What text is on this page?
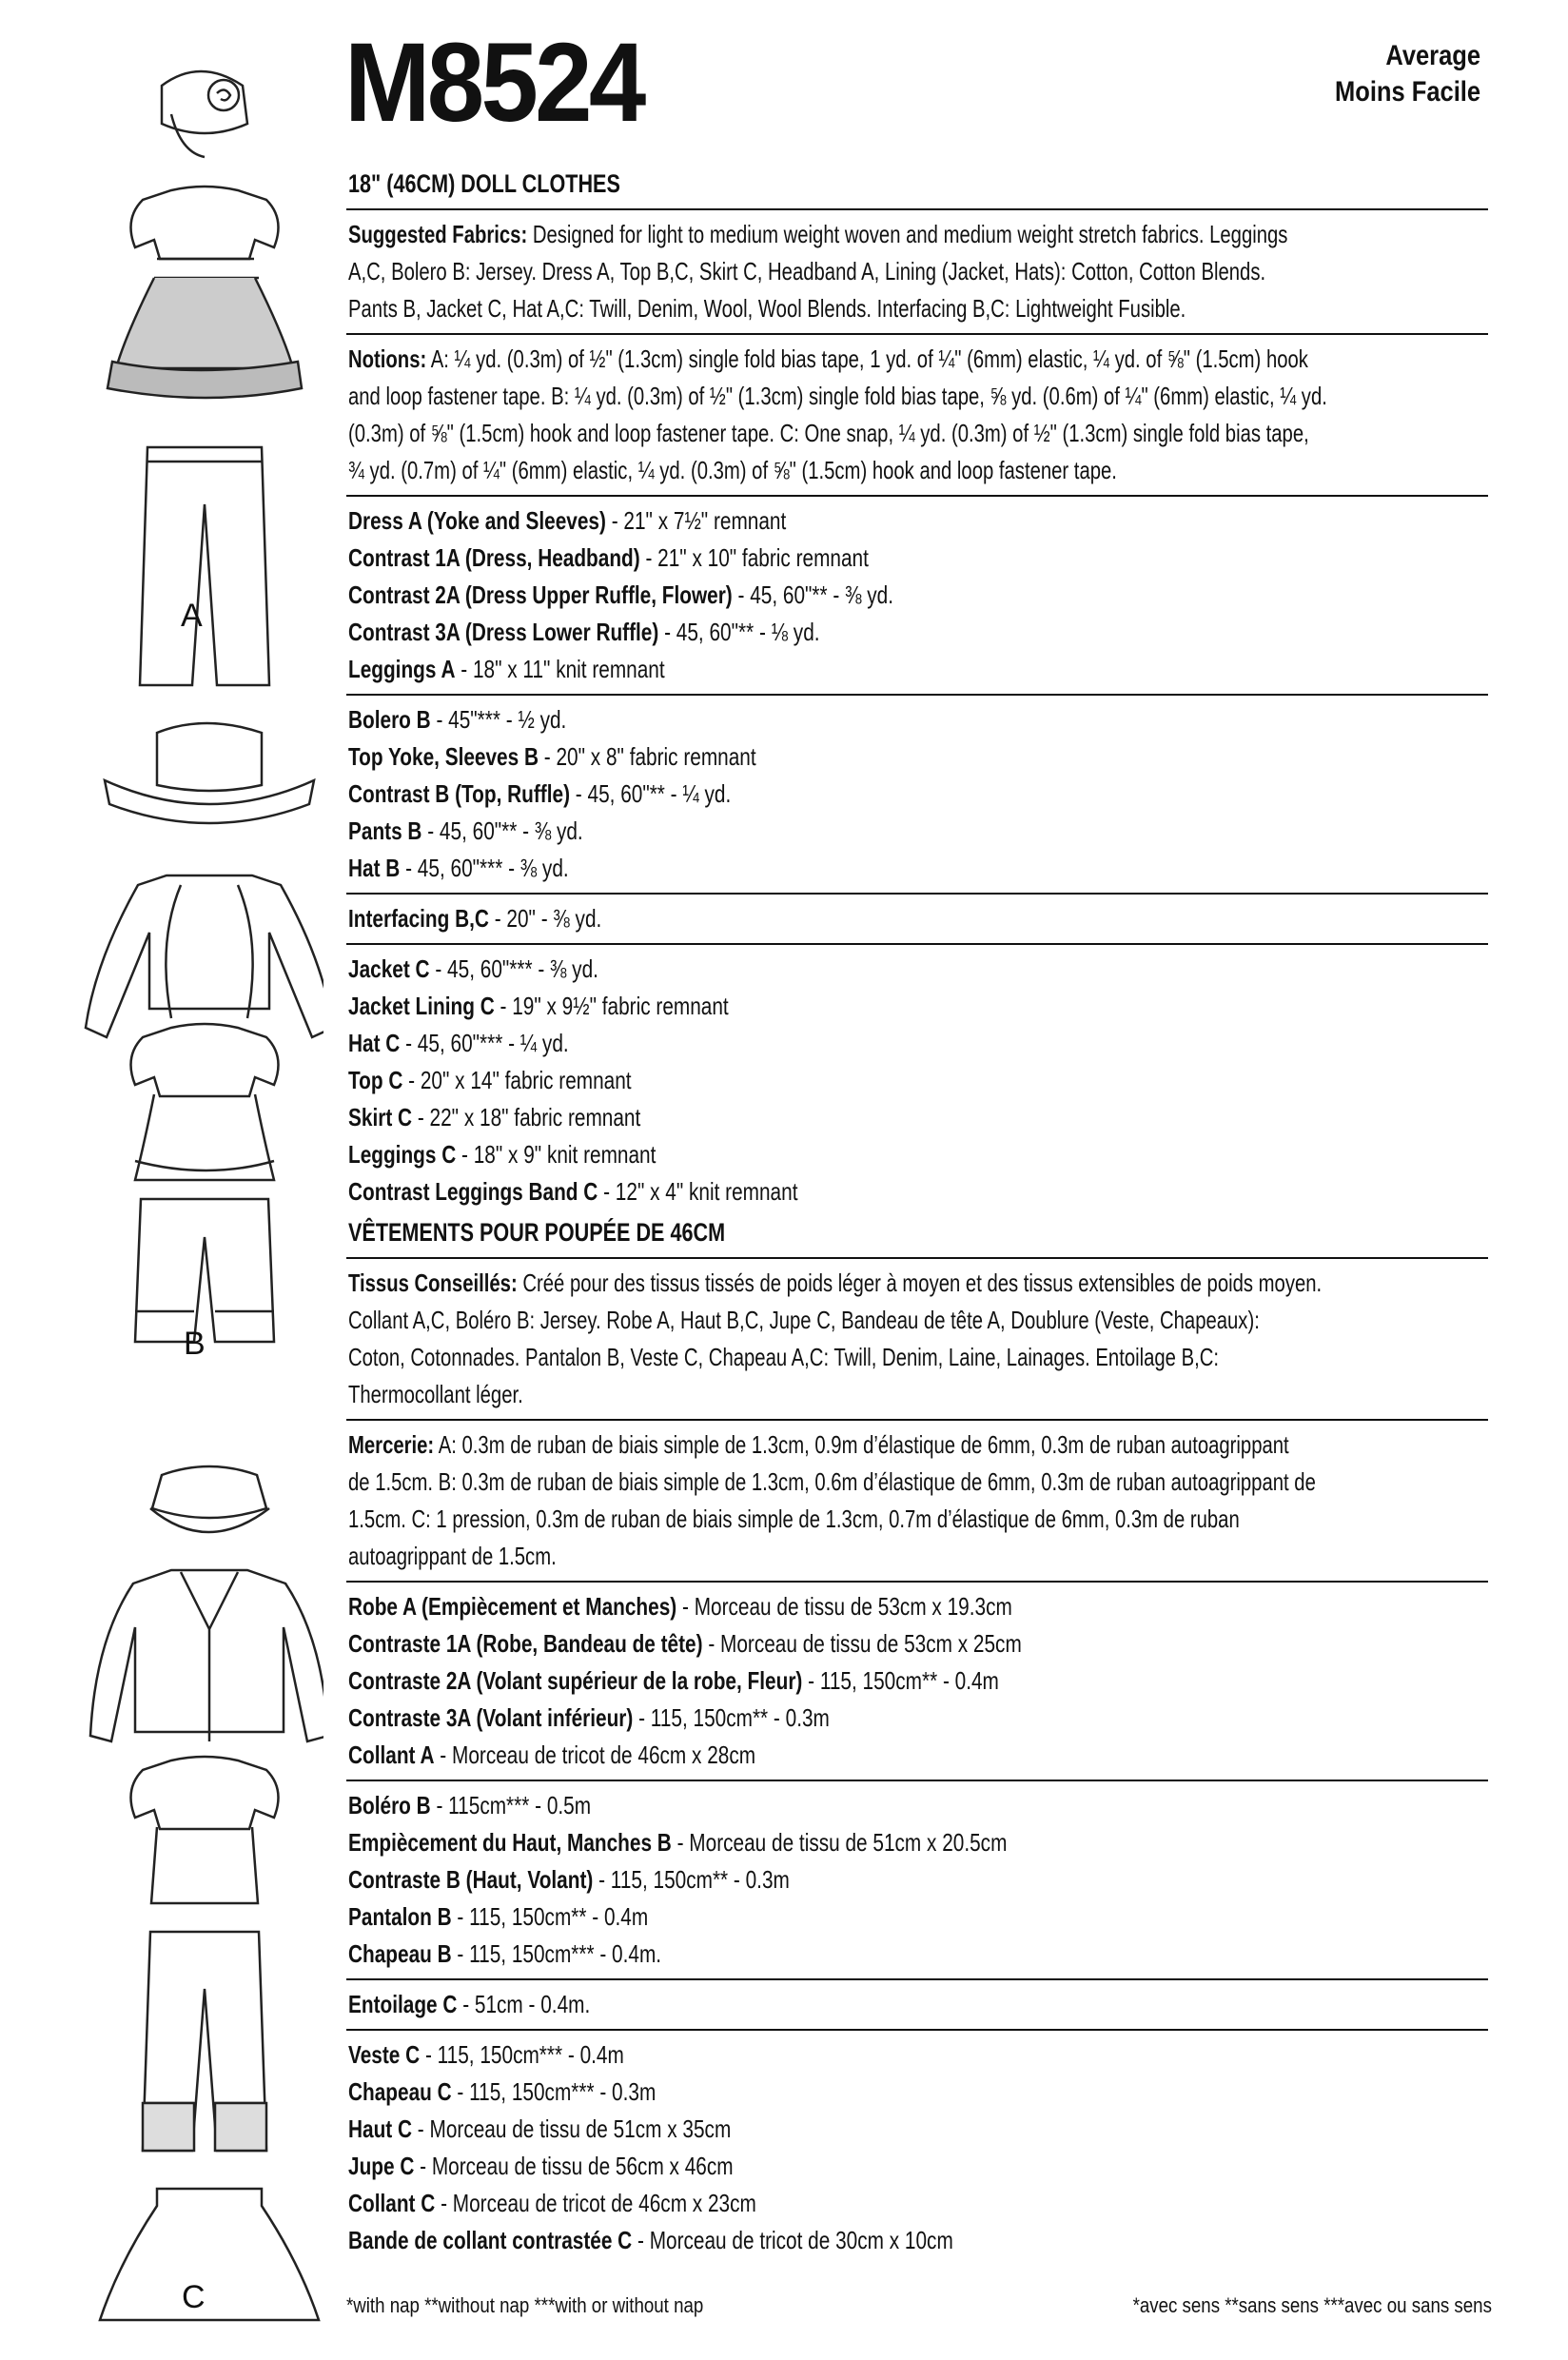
M8524	Average
Moins Facile
A
B
C
18" (46CM) DOLL CLOTHES
Suggested Fabrics: Designed for light to medium weight woven and medium weight stretch fabrics. Leggings
A,C, Bolero B: Jersey. Dress A, Top B,C, Skirt C, Headband A, Lining (Jacket, Hats): Cotton, Cotton Blends.
Pants B, Jacket C, Hat A,C: Twill, Denim, Wool, Wool Blends. Interfacing B,C: Lightweight Fusible.
Notions: A: ¼ yd. (0.3m) of ½" (1.3cm) single fold bias tape, 1 yd. of ¼" (6mm) elastic, ¼ yd. of ⅝" (1.5cm) hook
and loop fastener tape. B: ¼ yd. (0.3m) of ½" (1.3cm) single fold bias tape, ⅝ yd. (0.6m) of ¼" (6mm) elastic, ¼ yd.
(0.3m) of ⅝" (1.5cm) hook and loop fastener tape. C: One snap, ¼ yd. (0.3m) of ½" (1.3cm) single fold bias tape,
¾ yd. (0.7m) of ¼" (6mm) elastic, ¼ yd. (0.3m) of ⅝" (1.5cm) hook and loop fastener tape.
Dress A (Yoke and Sleeves) - 21" x 7½" remnant
Contrast 1A (Dress, Headband) - 21" x 10" fabric remnant
Contrast 2A (Dress Upper Ruffle, Flower) - 45, 60"** - ⅜ yd.
Contrast 3A (Dress Lower Ruffle) - 45, 60"** - ⅛ yd.
Leggings A - 18" x 11" knit remnant
Bolero B - 45"*** - ½ yd.
Top Yoke, Sleeves B - 20" x 8" fabric remnant
Contrast B (Top, Ruffle) - 45, 60"** - ¼ yd.
Pants B - 45, 60"** - ⅜ yd.
Hat B - 45, 60"*** - ⅜ yd.
Interfacing B,C - 20" - ⅜ yd.
Jacket C - 45, 60"*** - ⅜ yd.
Jacket Lining C - 19" x 9½" fabric remnant
Hat C - 45, 60"*** - ¼ yd.
Top C - 20" x 14" fabric remnant
Skirt C - 22" x 18" fabric remnant
Leggings C - 18" x 9" knit remnant
Contrast Leggings Band C - 12" x 4" knit remnant
VÊTEMENTS POUR POUPÉE DE 46CM
Tissus Conseillés: Créé pour des tissus tissés de poids léger à moyen et des tissus extensibles de poids moyen.
Collant A,C, Boléro B: Jersey. Robe A, Haut B,C, Jupe C, Bandeau de tête A, Doublure (Veste, Chapeaux):
Coton, Cotonnades. Pantalon B, Veste C, Chapeau A,C: Twill, Denim, Laine, Lainages. Entoilage B,C:
Thermocollant léger.
Mercerie: A: 0.3m de ruban de biais simple de 1.3cm, 0.9m d’élastique de 6mm, 0.3m de ruban autoagrippant
de 1.5cm. B: 0.3m de ruban de biais simple de 1.3cm, 0.6m d’élastique de 6mm, 0.3m de ruban autoagrippant de
1.5cm. C: 1 pression, 0.3m de ruban de biais simple de 1.3cm, 0.7m d’élastique de 6mm, 0.3m de ruban
autoagrippant de 1.5cm.
Robe A (Empiècement et Manches) - Morceau de tissu de 53cm x 19.3cm
Contraste 1A (Robe, Bandeau de tête) - Morceau de tissu de 53cm x 25cm
Contraste 2A (Volant supérieur de la robe, Fleur) - 115, 150cm** - 0.4m
Contraste 3A (Volant inférieur) - 115, 150cm** - 0.3m
Collant A - Morceau de tricot de 46cm x 28cm
Boléro B - 115cm*** - 0.5m
Empiècement du Haut, Manches B - Morceau de tissu de 51cm x 20.5cm
Contraste B (Haut, Volant) - 115, 150cm** - 0.3m
Pantalon B - 115, 150cm** - 0.4m
Chapeau B - 115, 150cm*** - 0.4m.
Entoilage C - 51cm - 0.4m.
Veste C - 115, 150cm*** - 0.4m
Chapeau C - 115, 150cm*** - 0.3m
Haut C - Morceau de tissu de 51cm x 35cm
Jupe C - Morceau de tissu de 56cm x 46cm
Collant C - Morceau de tricot de 46cm x 23cm
Bande de collant contrastée C - Morceau de tricot de 30cm x 10cm
*with nap **without nap ***with or without nap	*avec sens **sans sens ***avec ou sans sens
